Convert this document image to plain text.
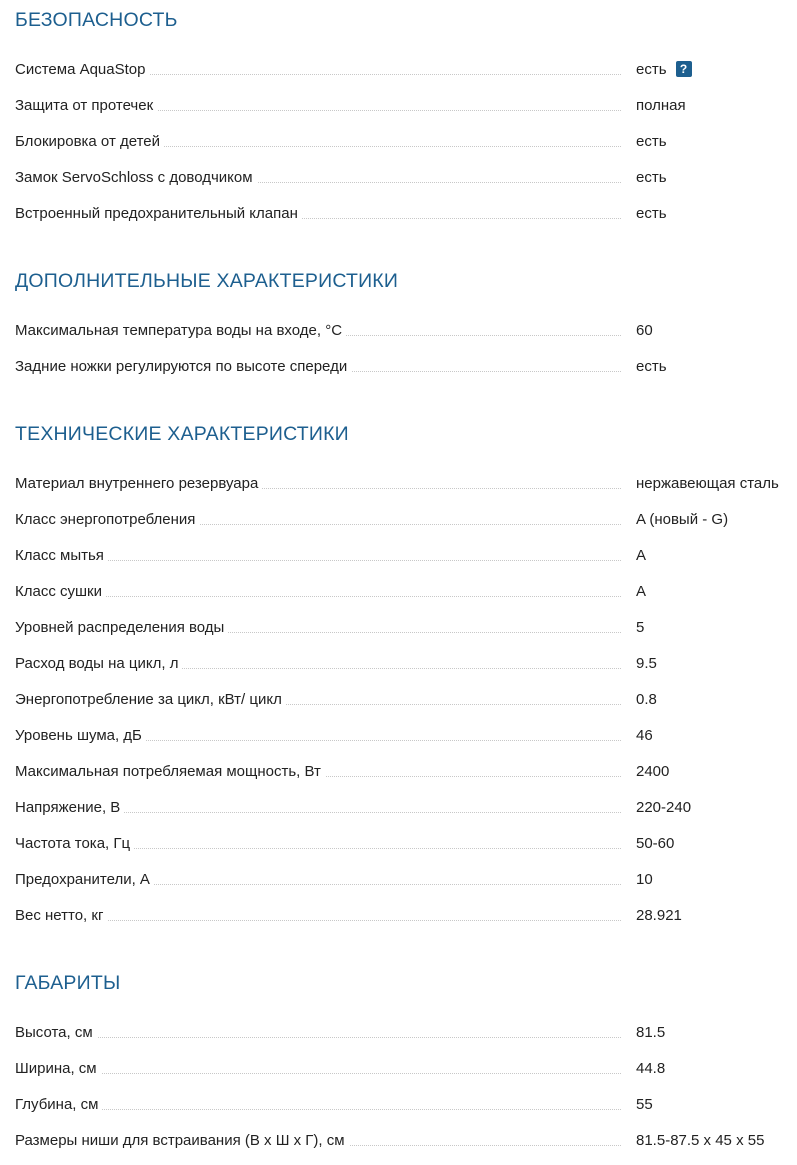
БЕЗОПАСНОСТЬ
Система AquaStop	есть ?
Защита от протечек	полная
Блокировка от детей	есть
Замок ServoSchloss с доводчиком	есть
Встроенный предохранительный клапан	есть
ДОПОЛНИТЕЛЬНЫЕ ХАРАКТЕРИСТИКИ
Максимальная температура воды на входе, °C	60
Задние ножки регулируются по высоте спереди	есть
ТЕХНИЧЕСКИЕ ХАРАКТЕРИСТИКИ
Материал внутреннего резервуара	нержавеющая сталь
Класс энергопотребления	A (новый - G)
Класс мытья	A
Класс сушки	A
Уровней распределения воды	5
Расход воды на цикл, л	9.5
Энергопотребление за цикл, кВт/ цикл	0.8
Уровень шума, дБ	46
Максимальная потребляемая мощность, Вт	2400
Напряжение, В	220-240
Частота тока, Гц	50-60
Предохранители, А	10
Вес нетто, кг	28.921
ГАБАРИТЫ
Высота, см	81.5
Ширина, см	44.8
Глубина, см	55
Размеры ниши для встраивания (В х Ш х Г), см	81.5-87.5 x 45 x 55
